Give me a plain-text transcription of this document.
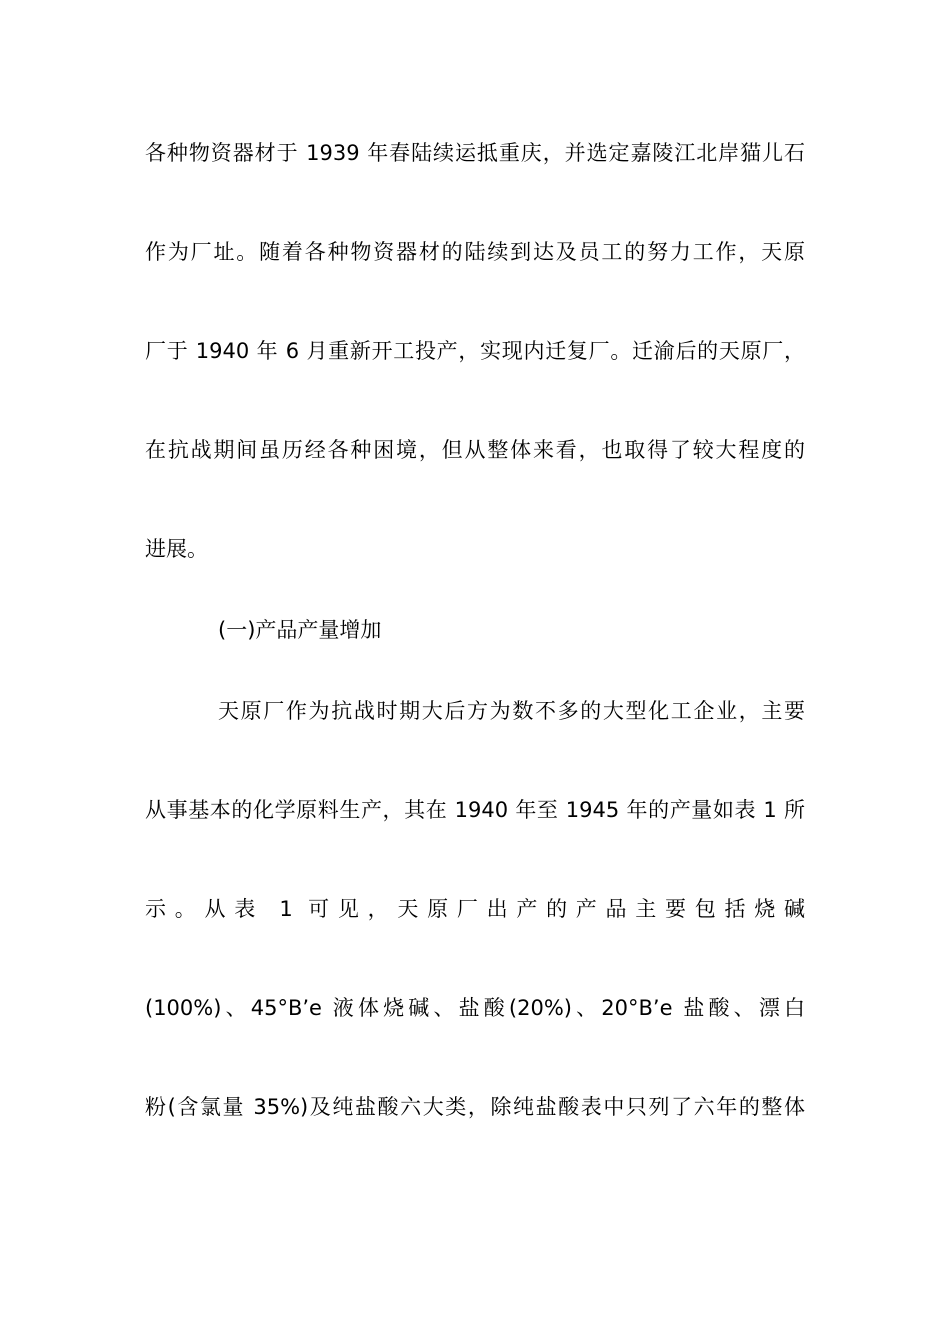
各种物资器材于 1939 年春陆续运抵重庆，并选定嘉陵江北岸猫儿石
作为厂址。随着各种物资器材的陆续到达及员工的努力工作，天原
厂于 1940 年 6 月重新开工投产，实现内迁复厂。迁渝后的天原厂，
在抗战期间虽历经各种困境，但从整体来看，也取得了较大程度的
进展。
(一)产品产量增加
天原厂作为抗战时期大后方为数不多的大型化工企业，主要
从事基本的化学原料生产，其在 1940 年至 1945 年的产量如表 1 所
示。从表 1 可见，天原厂出产的产品主要包括烧碱
(100%)、45°B’e 液体烧碱、盐酸(20%)、20°B’e 盐酸、漂白
粉(含氯量 35%)及纯盐酸六大类，除纯盐酸表中只列了六年的整体
